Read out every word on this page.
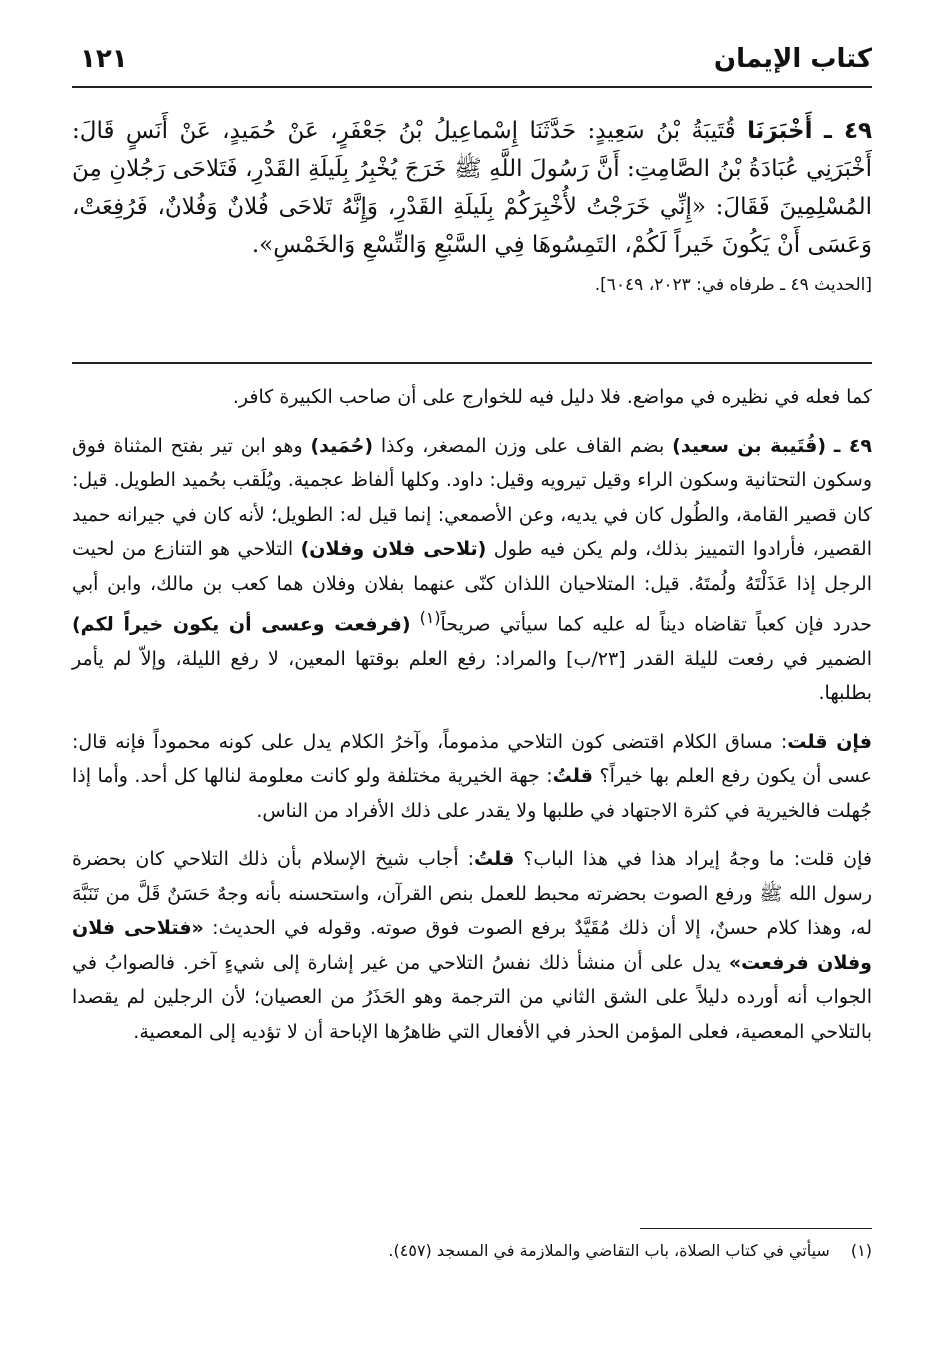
كتاب الإيمان
١٢١

٤٩ ـ أَخْبَرَنَا قُتَيبَةُ بْنُ سَعِيدٍ: حَدَّثَنَا إِسْماعِيلُ بْنُ جَعْفَرٍ، عَنْ حُمَيدٍ، عَنْ أَنَسٍ قَالَ: أَخْبَرَنِي عُبَادَةُ بْنُ الصَّامِتِ: أَنَّ رَسُولَ اللَّهِ ﷺ خَرَجَ يُخْبِرُ بِلَيلَةِ القَدْرِ، فَتَلاحَى رَجُلانِ مِنَ المُسْلِمِينَ فَقَالَ: «إِنِّي خَرَجْتُ لأُخْبِرَكُمْ بِلَيلَةِ القَدْرِ، وَإِنَّهُ تَلاحَى فُلانٌ وَفُلانٌ، فَرُفِعَتْ، وَعَسَى أَنْ يَكُونَ خَيراً لَكُمْ، التَمِسُوهَا فِي السَّبْعِ وَالتِّسْعِ وَالخَمْسِ».

[الحديث ٤٩ ـ طرفاه في: ٢٠٢٣، ٦٠٤٩].

كما فعله في نظيره في مواضع. فلا دليل فيه للخوارج على أن صاحب الكبيرة كافر.

٤٩ ـ (قُتَيبة بن سعيد) بضم القاف على وزن المصغر، وكذا (حُمَيد) وهو ابن تير بفتح المثناة فوق وسكون التحتانية وسكون الراء وقيل تيرويه وقيل: داود. وكلها ألفاظ عجمية. ويُلَقب بحُميد الطويل. قيل: كان قصير القامة، والطُول كان في يديه، وعن الأصمعي: إنما قيل له: الطويل؛ لأنه كان في جيرانه حميد القصير، فأرادوا التمييز بذلك، ولم يكن فيه طول (تلاحى فلان وفلان) التلاحي هو التنازع من لحيت الرجل إذا عَذَلْتَهُ ولُمتَهُ. قيل: المتلاحيان اللذان كنّى عنهما بفلان وفلان هما كعب بن مالك، وابن أبي حدرد فإن كعباً تقاضاه ديناً له عليه كما سيأتي صريحاً$^{(١)}$ (فرفعت وعسى أن يكون خيراً لكم) الضمير في رفعت لليلة القدر [٢٣/ب] والمراد: رفع العلم بوقتها المعين، لا رفع الليلة، وإلاّ لم يأمر بطلبها.

فإن قلت: مساق الكلام اقتضى كون التلاحي مذموماً، وآخرُ الكلام يدل على كونه محموداً فإنه قال: عسى أن يكون رفع العلم بها خيراً؟ قلتُ: جهة الخيرية مختلفة ولو كانت معلومة لنالها كل أحد. وأما إذا جُهلت فالخيرية في كثرة الاجتهاد في طلبها ولا يقدر على ذلك الأفراد من الناس.

فإن قلت: ما وجهُ إيراد هذا في هذا الباب؟ قلتُ: أجاب شيخ الإسلام بأن ذلك التلاحي كان بحضرة رسول الله ﷺ ورفع الصوت بحضرته محبط للعمل بنص القرآن، واستحسنه بأنه وجهٌ حَسَنٌ قَلَّ من تَنَبَّهَ له، وهذا كلام حسنٌ، إلا أن ذلك مُقَيَّدٌ برفع الصوت فوق صوته. وقوله في الحديث: «فتلاحى فلان وفلان فرفعت» يدل على أن منشأ ذلك نفسُ التلاحي من غير إشارة إلى شيءٍ آخر. فالصوابُ في الجواب أنه أورده دليلاً على الشق الثاني من الترجمة وهو الحَذَرُ من العصيان؛ لأن الرجلين لم يقصدا بالتلاحي المعصية، فعلى المؤمن الحذر في الأفعال التي ظاهرُها الإباحة أن لا تؤديه إلى المعصية.

(١) سيأتي في كتاب الصلاة، باب التقاضي والملازمة في المسجد (٤٥٧).
